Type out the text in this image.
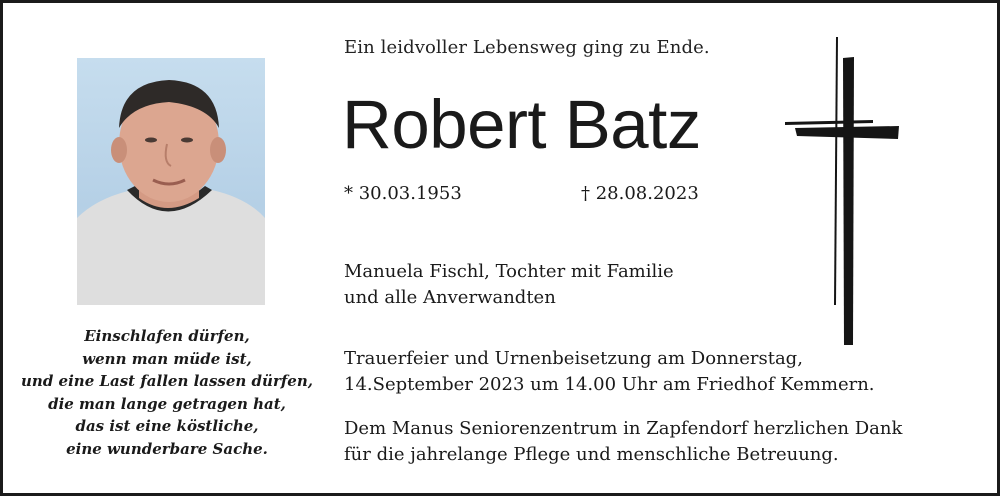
Einschlafen dürfen,
wenn man müde ist,
und eine Last fallen lassen dürfen,
die man lange getragen hat,
das ist eine köstliche,
eine wunderbare Sache.
Ein leidvoller Lebensweg ging zu Ende.
Robert Batz
* 30.03.1953	† 28.08.2023
Manuela Fischl, Tochter mit Familie
und alle Anverwandten
Trauerfeier und Urnenbeisetzung am Donnerstag,
14.September 2023 um 14.00 Uhr am Friedhof Kemmern.
Dem Manus Seniorenzentrum in Zapfendorf herzlichen Dank
für die jahrelange Pflege und menschliche Betreuung.
